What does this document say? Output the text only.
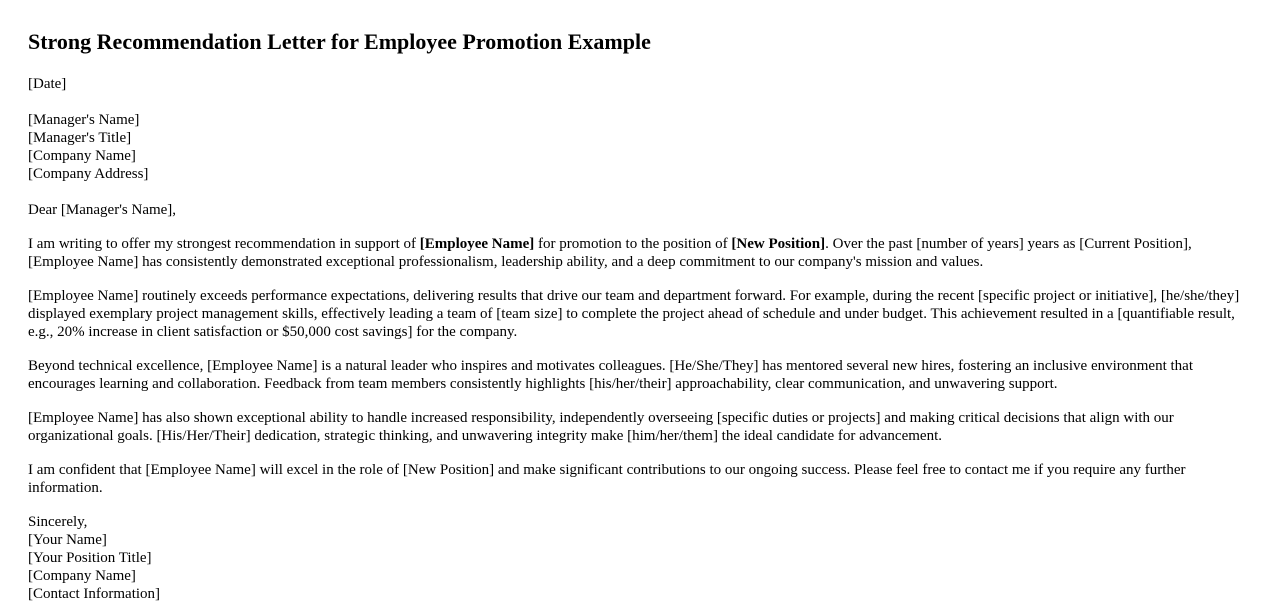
Strong Recommendation Letter for Employee Promotion Example
[Date]
[Manager's Name]
[Manager's Title]
[Company Name]
[Company Address]
Dear [Manager's Name],
I am writing to offer my strongest recommendation in support of [Employee Name] for promotion to the position of [New Position]. Over the past [number of years] years as [Current Position], [Employee Name] has consistently demonstrated exceptional professionalism, leadership ability, and a deep commitment to our company's mission and values.
[Employee Name] routinely exceeds performance expectations, delivering results that drive our team and department forward. For example, during the recent [specific project or initiative], [he/she/they] displayed exemplary project management skills, effectively leading a team of [team size] to complete the project ahead of schedule and under budget. This achievement resulted in a [quantifiable result, e.g., 20% increase in client satisfaction or $50,000 cost savings] for the company.
Beyond technical excellence, [Employee Name] is a natural leader who inspires and motivates colleagues. [He/She/They] has mentored several new hires, fostering an inclusive environment that encourages learning and collaboration. Feedback from team members consistently highlights [his/her/their] approachability, clear communication, and unwavering support.
[Employee Name] has also shown exceptional ability to handle increased responsibility, independently overseeing [specific duties or projects] and making critical decisions that align with our organizational goals. [His/Her/Their] dedication, strategic thinking, and unwavering integrity make [him/her/them] the ideal candidate for advancement.
I am confident that [Employee Name] will excel in the role of [New Position] and make significant contributions to our ongoing success. Please feel free to contact me if you require any further information.
Sincerely,
[Your Name]
[Your Position Title]
[Company Name]
[Contact Information]
